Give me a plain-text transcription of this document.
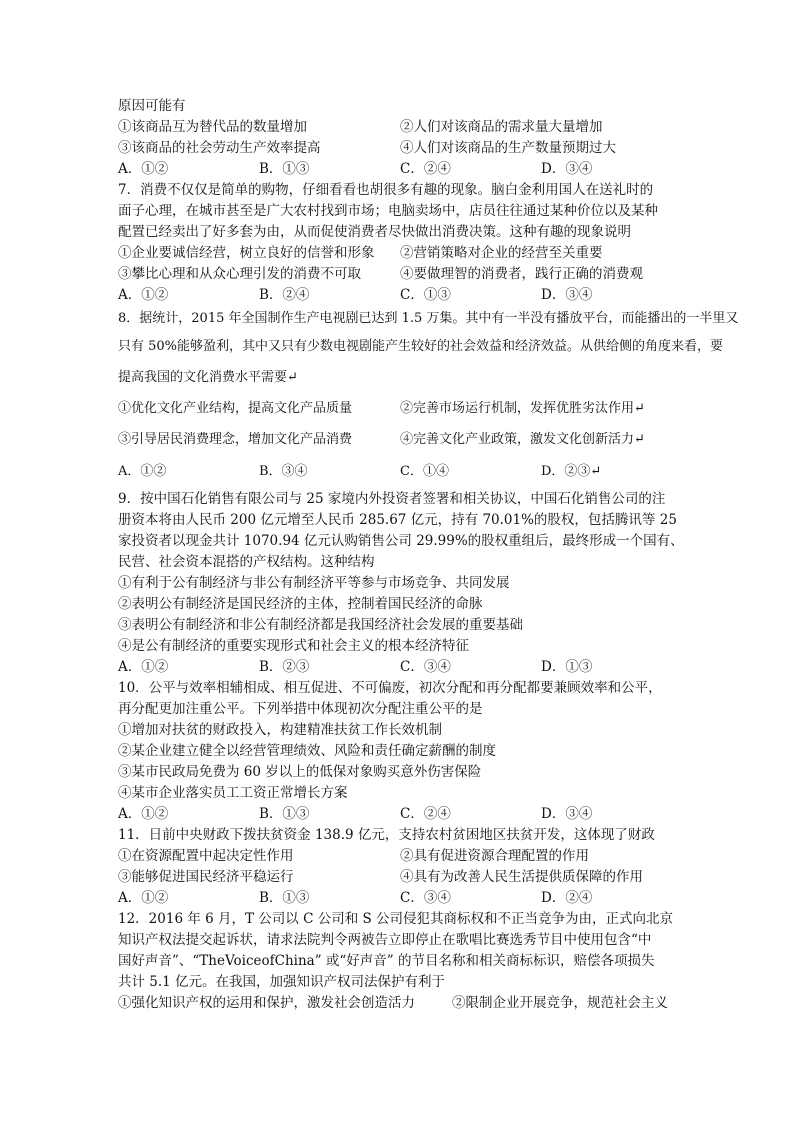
原因可能有
①该商品互为替代品的数量增加	②人们对该商品的需求量大量增加
③该商品的社会劳动生产效率提高	④人们对该商品的生产数量预期过大
A．①②	B．①③	C．②④	D．③④
7．消费不仅仅是简单的购物，仔细看看也胡很多有趣的现象。脑白金利用国人在送礼时的
面子心理，在城市甚至是广大农村找到市场；电脑卖场中，店员往往通过某种价位以及某种
配置已经卖出了好多套为由，从而促使消费者尽快做出消费决策。这种有趣的现象说明
①企业要诚信经营，树立良好的信誉和形象	②营销策略对企业的经营至关重要
③攀比心理和从众心理引发的消费不可取	④要做理智的消费者，践行正确的消费观
A．①②	B．②④	C．①③	D．③④
8．据统计，2015 年全国制作生产电视剧已达到 1.5 万集。其中有一半没有播放平台，而能播出的一半里又
只有 50%能够盈利，其中又只有少数电视剧能产生较好的社会效益和经济效益。从供给侧的角度来看，要
提高我国的文化消费水平需要↵
①优化文化产业结构，提高文化产品质量	②完善市场运行机制，发挥优胜劣汰作用↵
③引导居民消费理念，增加文化产品消费	④完善文化产业政策，激发文化创新活力↵
A．①②	B．③④	C．①④	D．②③↵
9．按中国石化销售有限公司与 25 家境内外投资者签署和相关协议，中国石化销售公司的注
册资本将由人民币 200 亿元增至人民币 285.67 亿元，持有 70.01%的股权，包括腾讯等 25
家投资者以现金共计 1070.94 亿元认购销售公司 29.99%的股权重组后，最终形成一个国有、
民营、社会资本混搭的产权结构。这种结构
①有利于公有制经济与非公有制经济平等参与市场竞争、共同发展
②表明公有制经济是国民经济的主体，控制着国民经济的命脉
③表明公有制经济和非公有制经济都是我国经济社会发展的重要基础
④是公有制经济的重要实现形式和社会主义的根本经济特征
A．①②	B．②③	C．③④	D．①③
10．公平与效率相辅相成、相互促进、不可偏废，初次分配和再分配都要兼顾效率和公平，
再分配更加注重公平。下列举措中体现初次分配注重公平的是
①增加对扶贫的财政投入，构建精准扶贫工作长效机制
②某企业建立健全以经营管理绩效、风险和责任确定薪酬的制度
③某市民政局免费为 60 岁以上的低保对象购买意外伤害保险
④某市企业落实员工工资正常增长方案
A．①②	B．①③	C．②④	D．③④
11．日前中央财政下拨扶贫资金 138.9 亿元，支持农村贫困地区扶贫开发，这体现了财政
①在资源配置中起决定性作用	②具有促进资源合理配置的作用
③能够促进国民经济平稳运行	④具有为改善人民生活提供质保障的作用
A．①②	B．①③	C．③④	D．②④
12．2016 年 6 月，T 公司以 C 公司和 S 公司侵犯其商标权和不正当竞争为由，正式向北京
知识产权法提交起诉状，请求法院判令两被告立即停止在歌唱比赛选秀节目中使用包含“中
国好声音”、“TheVoiceofChina” 或“好声音” 的节目名称和相关商标标识，赔偿各项损失
共计 5.1 亿元。在我国，加强知识产权司法保护有利于
①强化知识产权的运用和保护，激发社会创造活力	②限制企业开展竞争，规范社会主义
